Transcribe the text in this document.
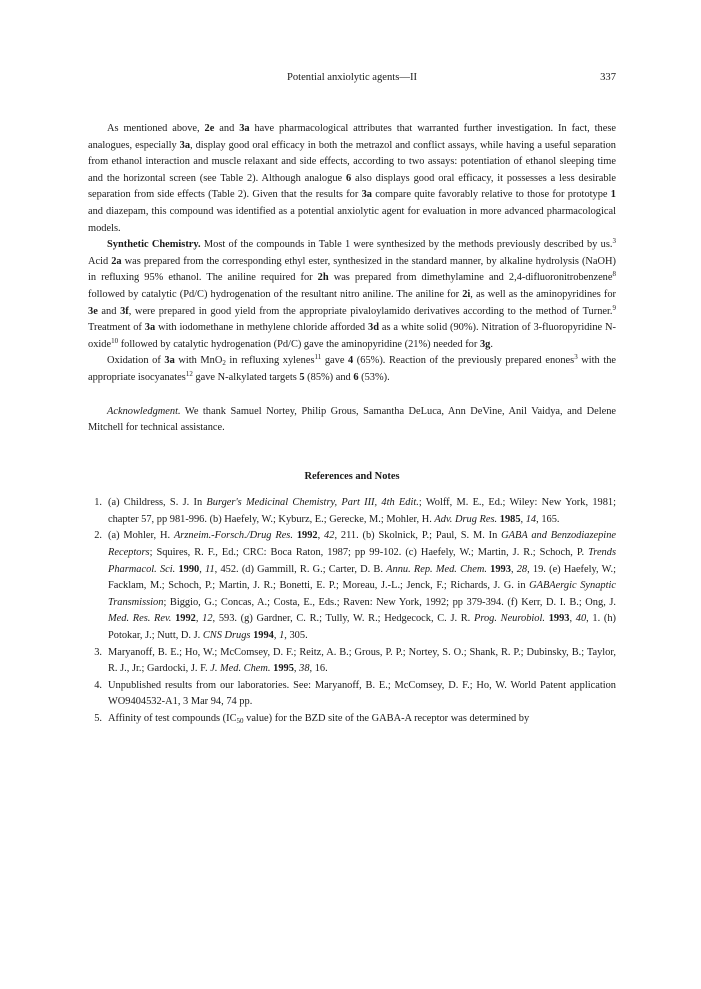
Potential anxiolytic agents—II	337

As mentioned above, 2e and 3a have pharmacological attributes that warranted further investigation. In fact, these analogues, especially 3a, display good oral efficacy in both the metrazol and conflict assays, while having a useful separation from ethanol interaction and muscle relaxant and side effects, according to two assays: potentiation of ethanol sleeping time and the horizontal screen (see Table 2). Although analogue 6 also displays good oral efficacy, it possesses a less desirable separation from side effects (Table 2). Given that the results for 3a compare quite favorably relative to those for prototype 1 and diazepam, this compound was identified as a potential anxiolytic agent for evaluation in more advanced pharmacological models.

Synthetic Chemistry. Most of the compounds in Table 1 were synthesized by the methods previously described by us.$^3$ Acid 2a was prepared from the corresponding ethyl ester, synthesized in the standard manner, by alkaline hydrolysis (NaOH) in refluxing 95% ethanol. The aniline required for 2h was prepared from dimethylamine and 2,4-difluoronitrobenzene$^8$ followed by catalytic (Pd/C) hydrogenation of the resultant nitro aniline. The aniline for 2i, as well as the aminopyridines for 3e and 3f, were prepared in good yield from the appropriate pivaloylamido derivatives according to the method of Turner.$^9$ Treatment of 3a with iodomethane in methylene chloride afforded 3d as a white solid (90%). Nitration of 3-fluoropyridine N-oxide$^{10}$ followed by catalytic hydrogenation (Pd/C) gave the aminopyridine (21%) needed for 3g.

Oxidation of 3a with MnO$_2$ in refluxing xylenes$^{11}$ gave 4 (65%). Reaction of the previously prepared enones$^3$ with the appropriate isocyanates$^{12}$ gave N-alkylated targets 5 (85%) and 6 (53%).

Acknowledgment. We thank Samuel Nortey, Philip Grous, Samantha DeLuca, Ann DeVine, Anil Vaidya, and Delene Mitchell for technical assistance.

References and Notes

1. (a) Childress, S. J. In Burger's Medicinal Chemistry, Part III, 4th Edit.; Wolff, M. E., Ed.; Wiley: New York, 1981; chapter 57, pp 981-996. (b) Haefely, W.; Kyburz, E.; Gerecke, M.; Mohler, H. Adv. Drug Res. 1985, 14, 165.
2. (a) Mohler, H. Arzneim.-Forsch./Drug Res. 1992, 42, 211. (b) Skolnick, P.; Paul, S. M. In GABA and Benzodiazepine Receptors; Squires, R. F., Ed.; CRC: Boca Raton, 1987; pp 99-102. (c) Haefely, W.; Martin, J. R.; Schoch, P. Trends Pharmacol. Sci. 1990, 11, 452. (d) Gammill, R. G.; Carter, D. B. Annu. Rep. Med. Chem. 1993, 28, 19. (e) Haefely, W.; Facklam, M.; Schoch, P.; Martin, J. R.; Bonetti, E. P.; Moreau, J.-L.; Jenck, F.; Richards, J. G. in GABAergic Synaptic Transmission; Biggio, G.; Concas, A.; Costa, E., Eds.; Raven: New York, 1992; pp 379-394. (f) Kerr, D. I. B.; Ong, J. Med. Res. Rev. 1992, 12, 593. (g) Gardner, C. R.; Tully, W. R.; Hedgecock, C. J. R. Prog. Neurobiol. 1993, 40, 1. (h) Potokar, J.; Nutt, D. J. CNS Drugs 1994, 1, 305.
3. Maryanoff, B. E.; Ho, W.; McComsey, D. F.; Reitz, A. B.; Grous, P. P.; Nortey, S. O.; Shank, R. P.; Dubinsky, B.; Taylor, R. J., Jr.; Gardocki, J. F. J. Med. Chem. 1995, 38, 16.
4. Unpublished results from our laboratories. See: Maryanoff, B. E.; McComsey, D. F.; Ho, W. World Patent application WO9404532-A1, 3 Mar 94, 74 pp.
5. Affinity of test compounds ($IC_{50}$ value) for the BZD site of the GABA-A receptor was determined by
